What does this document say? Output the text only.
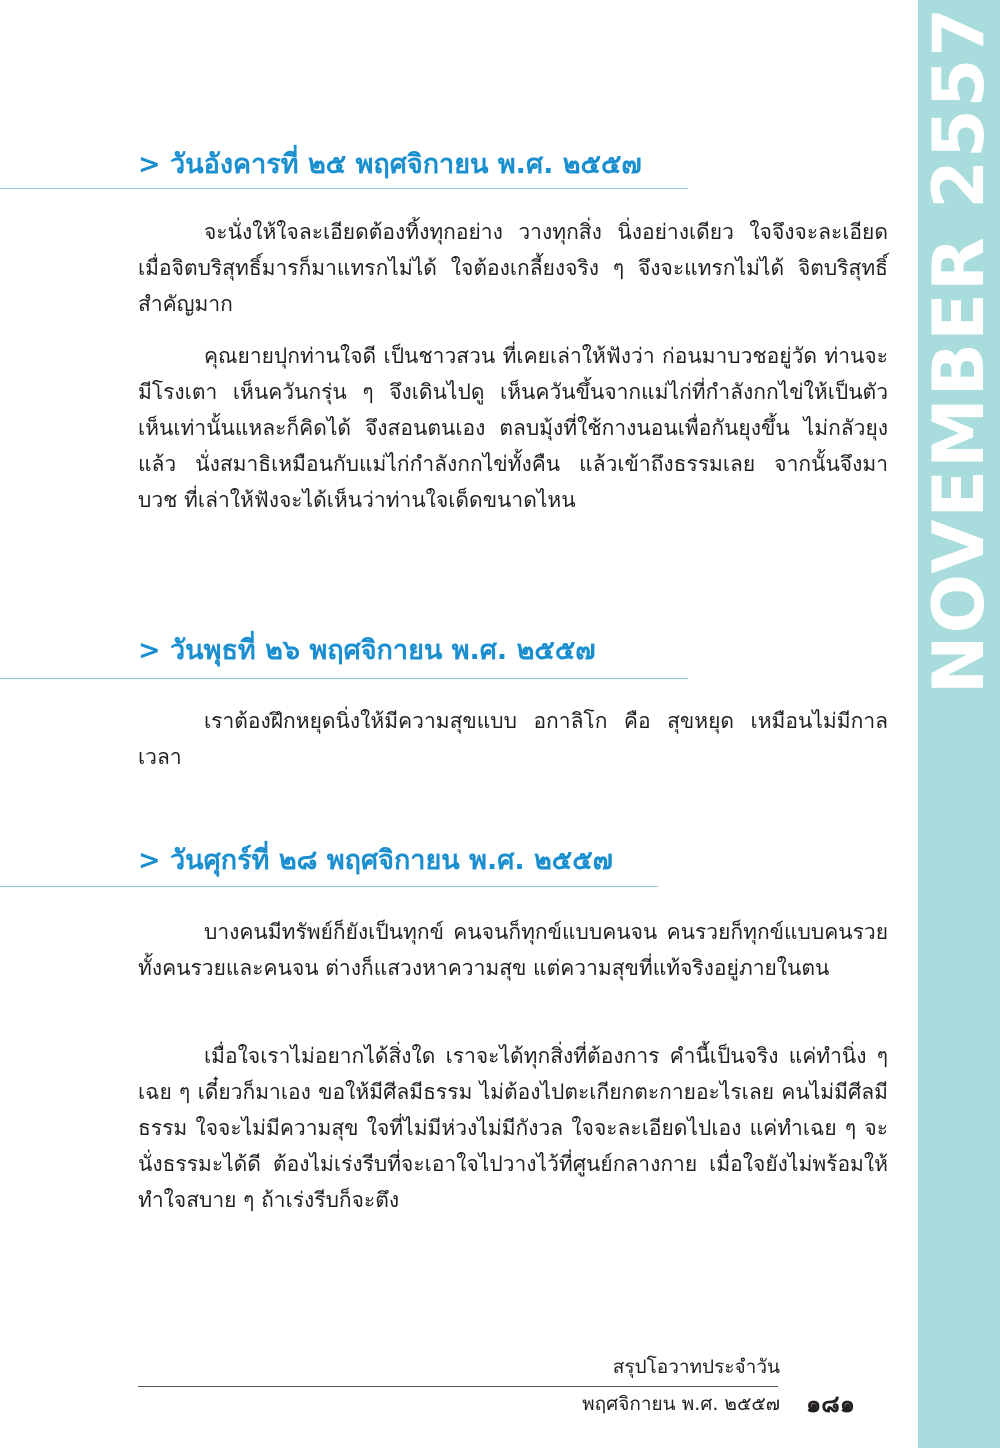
NOVEMBER 2557
> วันอังคารที่ ๒๕ พฤศจิกายน พ.ศ. ๒๕๕๗

จะนั่งให้ใจละเอียดต้องทิ้งทุกอย่าง วางทุกสิ่ง นิ่งอย่างเดียว ใจจึงจะละเอียด เมื่อจิตบริสุทธิ์มารก็มาแทรกไม่ได้ ใจต้องเกลี้ยงจริง ๆ จึงจะแทรกไม่ได้ จิตบริสุทธิ์สำคัญมาก

คุณยายปุกท่านใจดี เป็นชาวสวน ที่เคยเล่าให้ฟังว่า ก่อนมาบวชอยู่วัด ท่านจะมีโรงเตา เห็นควันกรุ่น ๆ จึงเดินไปดู เห็นควันขึ้นจากแม่ไก่ที่กำลังกกไข่ให้เป็นตัว เห็นเท่านั้นแหละก็คิดได้ จึงสอนตนเอง ตลบมุ้งที่ใช้กางนอนเพื่อกันยุงขึ้น ไม่กลัวยุงแล้ว นั่งสมาธิเหมือนกับแม่ไก่กำลังกกไข่ทั้งคืน แล้วเข้าถึงธรรมเลย จากนั้นจึงมาบวช ที่เล่าให้ฟังจะได้เห็นว่าท่านใจเด็ดขนาดไหน

> วันพุธที่ ๒๖ พฤศจิกายน พ.ศ. ๒๕๕๗

เราต้องฝึกหยุดนิ่งให้มีความสุขแบบ อกาลิโก คือ สุขหยุด เหมือนไม่มีกาลเวลา

> วันศุกร์ที่ ๒๘ พฤศจิกายน พ.ศ. ๒๕๕๗

บางคนมีทรัพย์ก็ยังเป็นทุกข์ คนจนก็ทุกข์แบบคนจน คนรวยก็ทุกข์แบบคนรวย ทั้งคนรวยและคนจน ต่างก็แสวงหาความสุข แต่ความสุขที่แท้จริงอยู่ภายในตน

เมื่อใจเราไม่อยากได้สิ่งใด เราจะได้ทุกสิ่งที่ต้องการ คำนี้เป็นจริง แค่ทำนิ่ง ๆ เฉย ๆ เดี๋ยวก็มาเอง ขอให้มีศีลมีธรรม ไม่ต้องไปตะเกียกตะกายอะไรเลย คนไม่มีศีลมีธรรม ใจจะไม่มีความสุข ใจที่ไม่มีห่วงไม่มีกังวล ใจจะละเอียดไปเอง แค่ทำเฉย ๆ จะนั่งธรรมะได้ดี ต้องไม่เร่งรีบที่จะเอาใจไปวางไว้ที่ศูนย์กลางกาย เมื่อใจยังไม่พร้อมให้ทำใจสบาย ๆ ถ้าเร่งรีบก็จะตึง

สรุปโอวาทประจำวัน
พฤศจิกายน พ.ศ. ๒๕๕๗ ๑๘๑
